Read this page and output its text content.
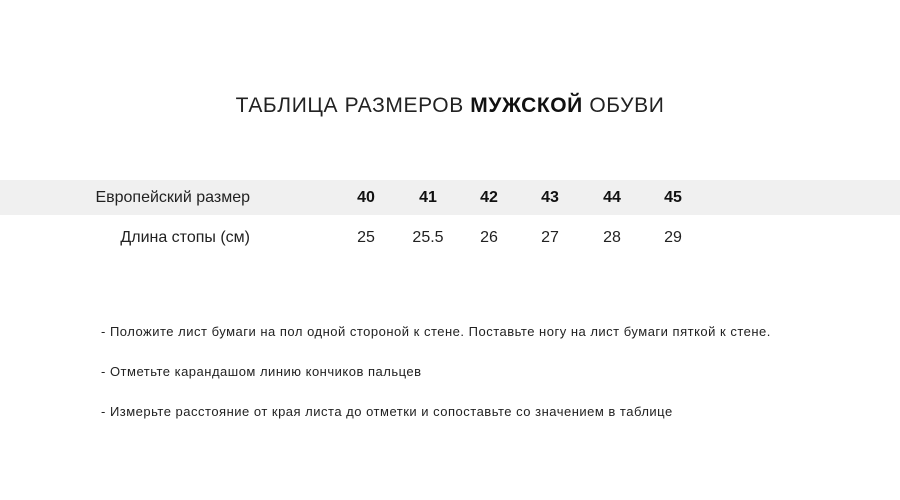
ТАБЛИЦА РАЗМЕРОВ МУЖСКОЙ ОБУВИ
Европейский размер	40	41	42	43	44	45
Длина стопы (см)	25	25.5	26	27	28	29
- Положите лист бумаги на пол одной стороной к стене. Поставьте ногу на лист бумаги пяткой к стене.
- Отметьте карандашом линию кончиков пальцев
- Измерьте расстояние от края листа до отметки и сопоставьте со значением в таблице
